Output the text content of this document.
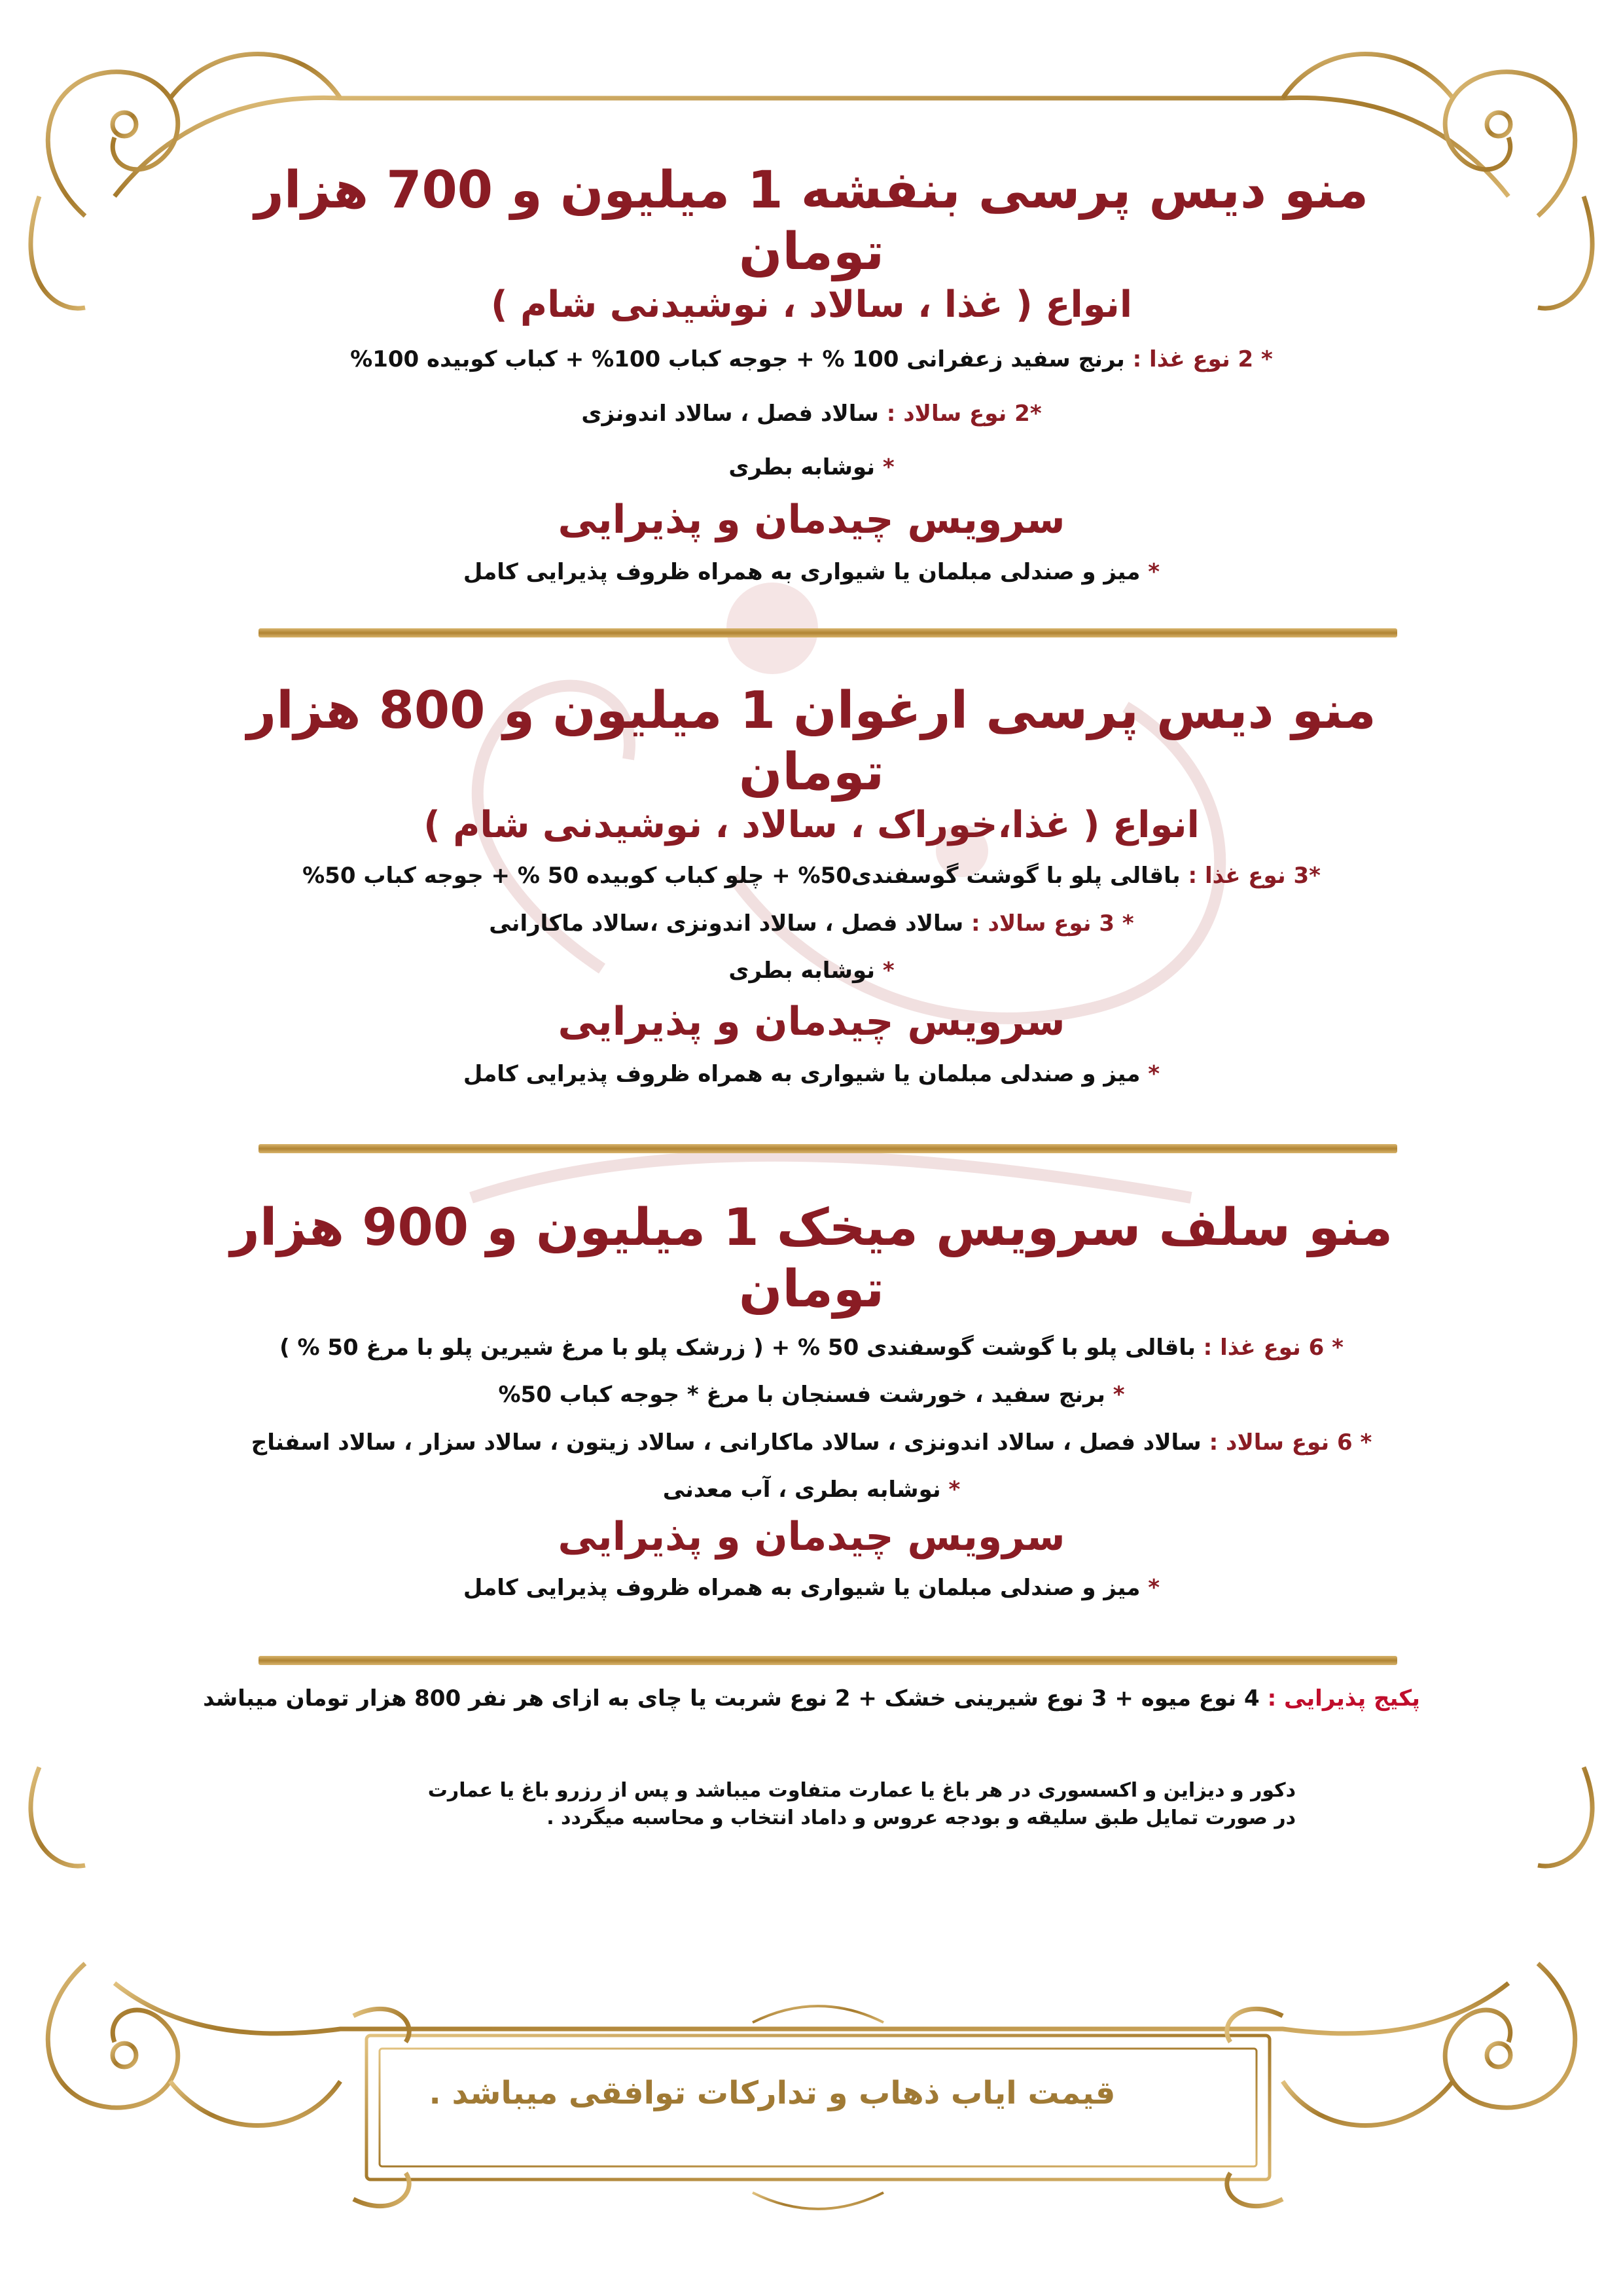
منو دیس پرسی بنفشه 1 میلیون و 700 هزار تومان

انواع ( غذا ، سالاد ، نوشیدنی شام )

* 2 نوع غذا : برنج سفید زعفرانی 100 % + جوجه کباب 100% + کباب کوبیده 100%

*2 نوع سالاد : سالاد فصل ، سالاد اندونزی

* نوشابه بطری

سرویس چیدمان و پذیرایی

* میز و صندلی مبلمان یا شیواری به همراه ظروف پذیرایی کامل

منو دیس پرسی ارغوان 1 میلیون و 800 هزار تومان

انواع ( غذا،خوراک ، سالاد ، نوشیدنی شام )

*3 نوع غذا : باقالی پلو با گوشت گوسفندی50% + چلو کباب کوبیده 50 % + جوجه کباب 50%

* 3 نوع سالاد : سالاد فصل ، سالاد اندونزی ،سالاد ماکارانی

* نوشابه بطری

سرویس چیدمان و پذیرایی

* میز و صندلی مبلمان یا شیواری به همراه ظروف پذیرایی کامل

منو سلف سرویس میخک 1 میلیون و 900 هزار تومان

* 6 نوع غذا : باقالی پلو با گوشت گوسفندی 50 % + ( زرشک پلو با مرغ شیرین پلو با مرغ 50 % )

* برنج سفید ، خورشت فسنجان با مرغ * جوجه کباب 50%

* 6 نوع سالاد : سالاد فصل ، سالاد اندونزی ، سالاد ماکارانی ، سالاد زیتون ، سالاد سزار ، سالاد اسفناج

* نوشابه بطری ، آب معدنی

سرویس چیدمان و پذیرایی

* میز و صندلی مبلمان یا شیواری به همراه ظروف پذیرایی کامل

پکیج پذیرایی : 4 نوع میوه + 3 نوع شیرینی خشک + 2 نوع شربت یا چای به ازای هر نفر 800 هزار تومان میباشد

دکور و دیزاین و اکسسوری در هر باغ یا عمارت متفاوت میباشد و پس از رزرو باغ یا عمارت

در صورت تمایل طبق سلیقه و بودجه عروس و داماد انتخاب و محاسبه میگردد .

قیمت ایاب ذهاب و تدارکات توافقی میباشد .
